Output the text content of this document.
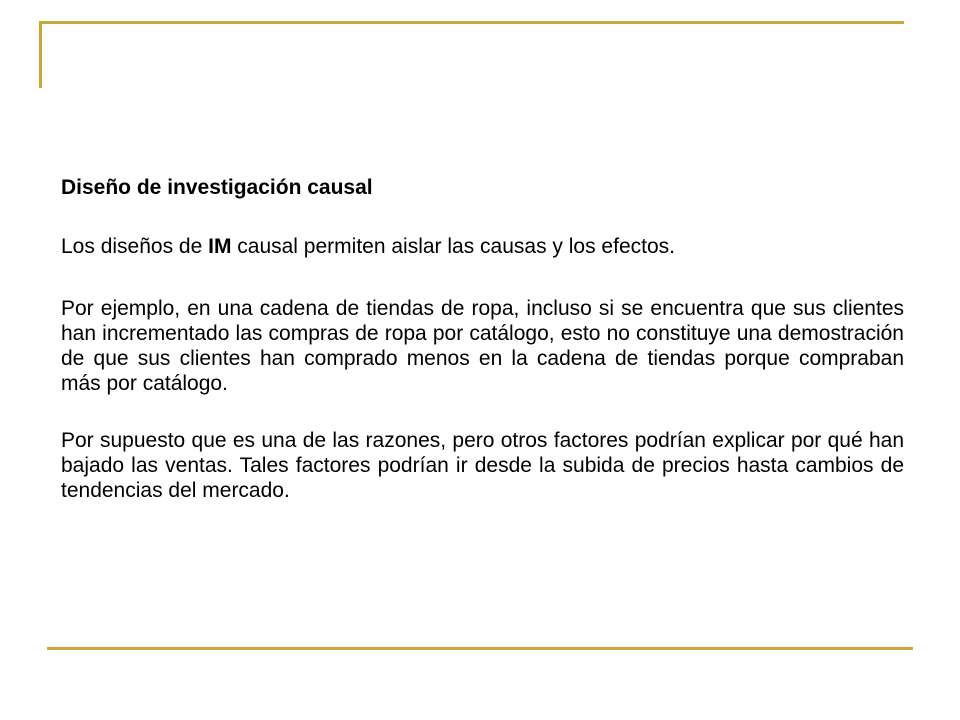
Diseño de investigación causal

Los diseños de IM causal permiten aislar las causas y los efectos.

Por ejemplo, en una cadena de tiendas de ropa, incluso si se encuentra que sus clientes han incrementado las compras de ropa por catálogo, esto no constituye una demostración de que sus clientes han comprado menos en la cadena de tiendas porque compraban más por catálogo.

Por supuesto que es una de las razones, pero otros factores podrían explicar por qué han bajado las ventas. Tales factores podrían ir desde la subida de precios hasta cambios de tendencias del mercado.
